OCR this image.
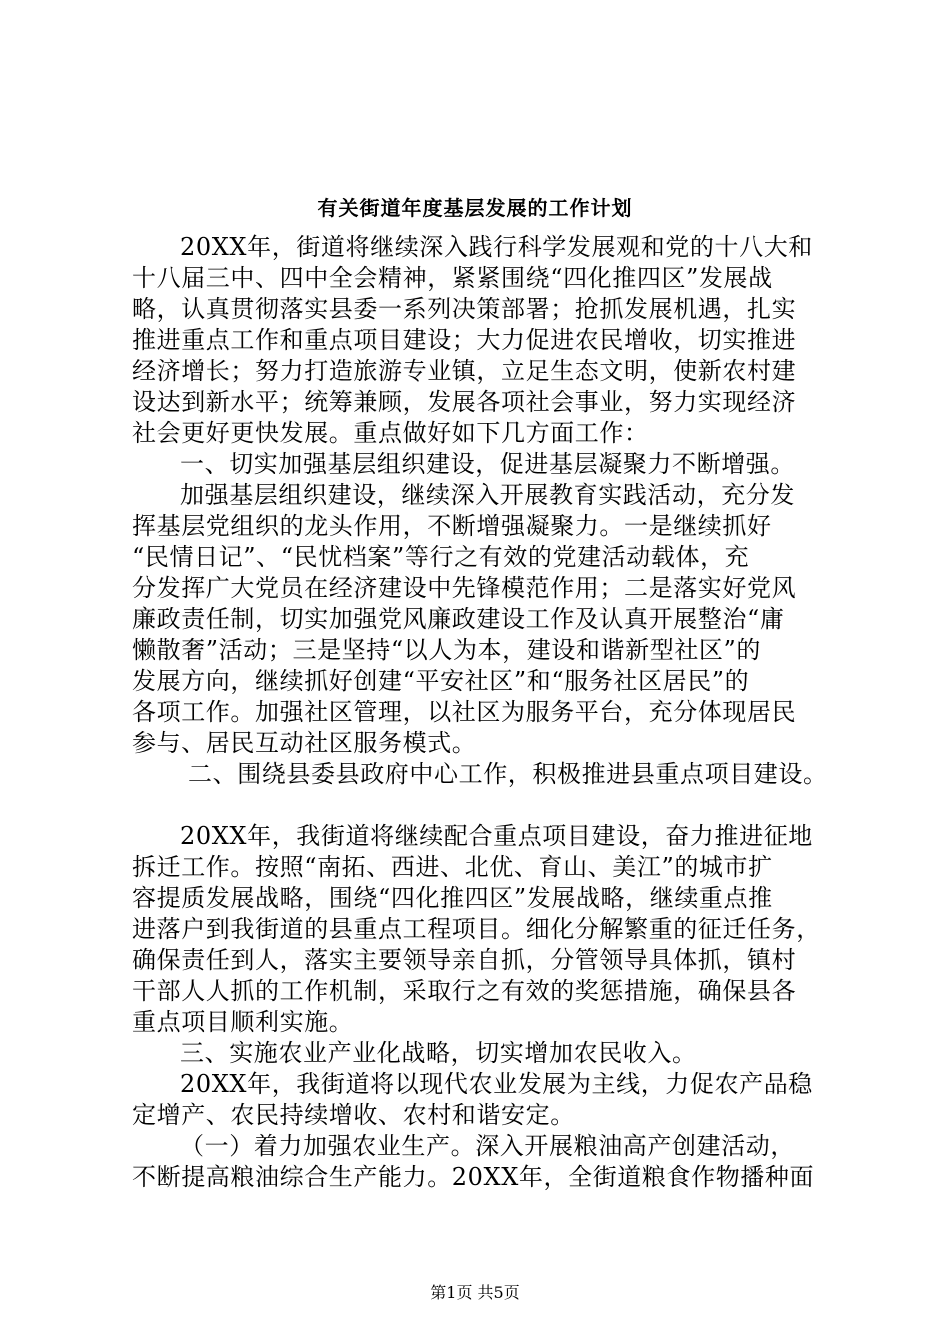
有关街道年度基层发展的工作计划
20XX年，街道将继续深入践行科学发展观和党的十八大和
十八届三中、四中全会精神，紧紧围绕“四化推四区”发展战
略，认真贯彻落实县委一系列决策部署；抢抓发展机遇，扎实
推进重点工作和重点项目建设；大力促进农民增收，切实推进
经济增长；努力打造旅游专业镇，立足生态文明，使新农村建
设达到新水平；统筹兼顾，发展各项社会事业，努力实现经济
社会更好更快发展。重点做好如下几方面工作：
一、切实加强基层组织建设，促进基层凝聚力不断增强。
加强基层组织建设，继续深入开展教育实践活动，充分发
挥基层党组织的龙头作用，不断增强凝聚力。一是继续抓好
“民情日记”、“民忧档案”等行之有效的党建活动载体，充
分发挥广大党员在经济建设中先锋模范作用；二是落实好党风
廉政责任制，切实加强党风廉政建设工作及认真开展整治“庸
懒散奢”活动；三是坚持“以人为本，建设和谐新型社区”的
发展方向，继续抓好创建“平安社区”和“服务社区居民”的
各项工作。加强社区管理，以社区为服务平台，充分体现居民
参与、居民互动社区服务模式。
二、围绕县委县政府中心工作，积极推进县重点项目建设。
20XX年，我街道将继续配合重点项目建设，奋力推进征地
拆迁工作。按照“南拓、西进、北优、育山、美江”的城市扩
容提质发展战略，围绕“四化推四区”发展战略，继续重点推
进落户到我街道的县重点工程项目。细化分解繁重的征迁任务，
确保责任到人，落实主要领导亲自抓，分管领导具体抓，镇村
干部人人抓的工作机制，采取行之有效的奖惩措施，确保县各
重点项目顺利实施。
三、实施农业产业化战略，切实增加农民收入。
20XX年，我街道将以现代农业发展为主线，力促农产品稳
定增产、农民持续增收、农村和谐安定。
（一）着力加强农业生产。深入开展粮油高产创建活动，
不断提高粮油综合生产能力。20XX年，全街道粮食作物播种面
第1页 共5页
